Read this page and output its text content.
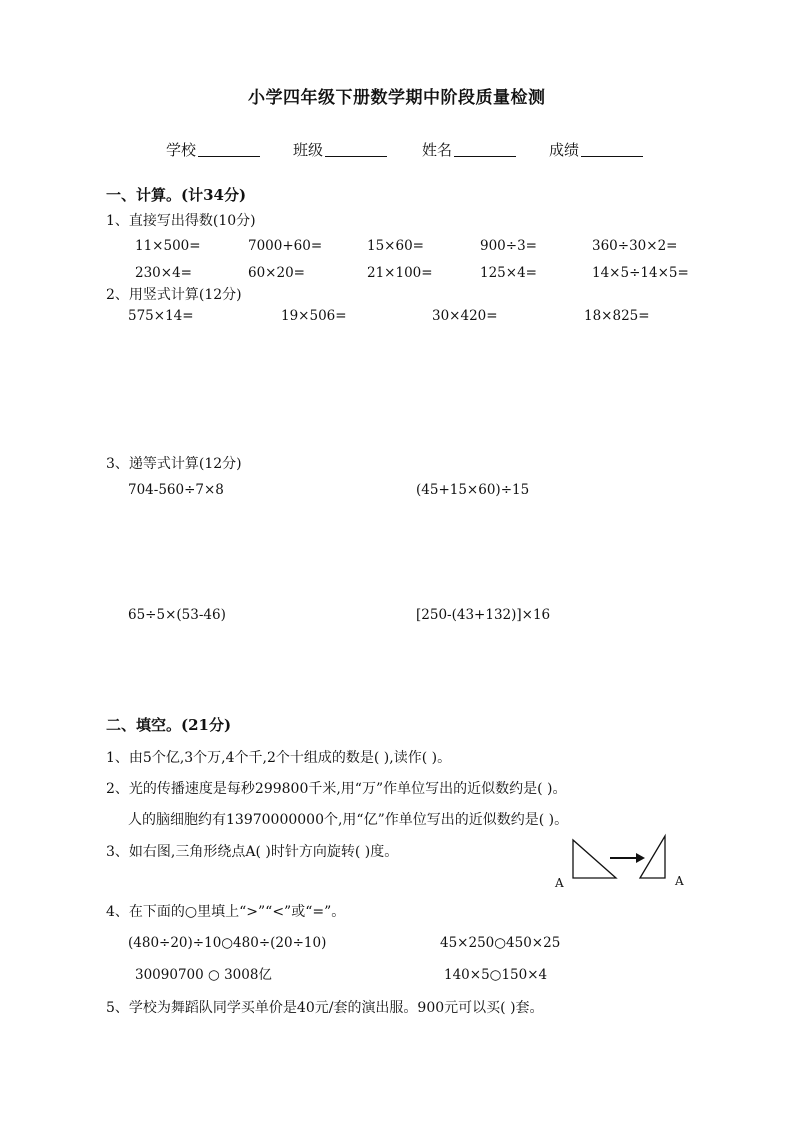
小学四年级下册数学期中阶段质量检测
学校	班级	姓名	成绩
一、计算。(计34分)
1、直接写出得数(10分)
11×500=	7000+60=	15×60=	900÷3=	360÷30×2=
230×4=	60×20=	21×100=	125×4=	14×5÷14×5=
2、用竖式计算(12分)
575×14=	19×506=	30×420=	18×825=
3、递等式计算(12分)
704-560÷7×8	(45+15×60)÷15
65÷5×(53-46)	[250-(43+132)]×16
二、填空。(21分)
1、由5个亿,3个万,4个千,2个十组成的数是( ),读作( )。
2、光的传播速度是每秒299800千米,用“万”作单位写出的近似数约是( )。
人的脑细胞约有13970000000个,用“亿”作单位写出的近似数约是( )。
3、如右图,三角形绕点A( )时针方向旋转( )度。
A	A
4、在下面的○里填上“>”“<”或“=”。
(480÷20)÷10○480÷(20÷10)	45×250○450×25
30090700 ○ 3008亿	140×5○150×4
5、学校为舞蹈队同学买单价是40元/套的演出服。900元可以买( )套。
